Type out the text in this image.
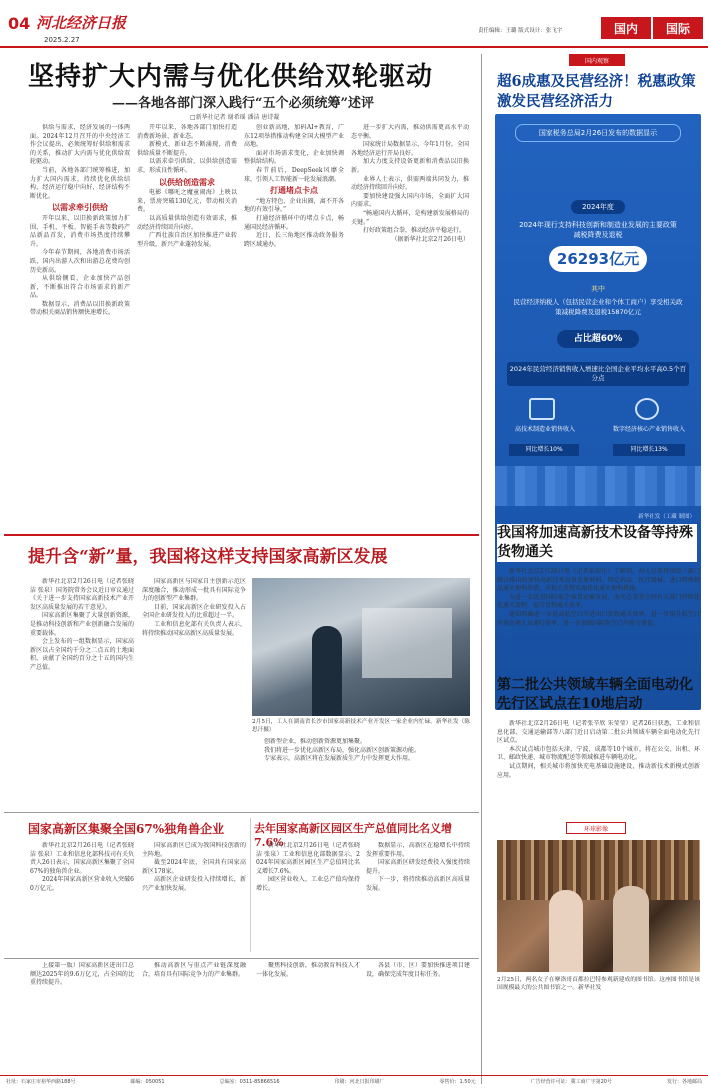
04 河北经济日报
2025.2.27
责任编辑：王璐 版式设计：张飞宇	国内 国际
坚持扩大内需与优化供给双轮驱动
——各地各部门深入践行“五个必须统筹”述评
□新华社记者 谢希瑶 潘洁 唐诗凝

供给与需求，经济发展的一体两面。2024年12月召开的中央经济工作会议提出，必须统筹好供给和需求的关系，推动扩大内需与优化供给双轮驱动。

当前，各地各部门统筹推进，加力扩大国内需求，持续优化供给结构，经济运行稳中向好，经济结构不断优化。

以需求牵引供给

开年以来，以旧换新政策加力扩围，手机、平板、智能手表等数码产品新品首发，消费市场热度持续攀升。

今年春节期间，各地消费市场活跃，国内出游人次和出游总花费均创历史新高。

从供给侧看，企业加快产品创新，不断推出符合市场需求的新产品。

数据显示，消费品以旧换新政策带动相关商品销售额快速增长。

开年以来，各地各部门加快打造消费新场景、新业态。

新模式、新业态不断涌现，消费供给质量不断提升。

以需求牵引供给，以供给创造需求，形成良性循环。

以供给创造需求

电影《哪吒之魔童闹海》上映以来，票房突破130亿元，带动相关消费。

以高质量供给创造有效需求，推动经济持续回升向好。

广西壮族自治区加快推进产业转型升级，新兴产业蓬勃发展。

创业新高地，加码AI+教育，广东12项举措推动构建全国大模型产业高地。

面对市场需求变化，企业加快调整供给结构。

春节前后，DeepSeek风靡全球，引领人工智能新一轮发展浪潮。

打通堵点卡点

“地方特色、企业出圈，离不开各地的有效引导。”

打通经济循环中的堵点卡点，畅通国民经济循环。

近日，长三角地区推动政务服务跨区域通办。

进一步扩大内需，推动供需更高水平动态平衡。

国家统计局数据显示，今年1月份，全国各地经济运行开局良好。

加大力度支持设备更新和消费品以旧换新。

业界人士表示，供需两端共同发力，推动经济持续回升向好。

要加快建设强大国内市场，全面扩大国内需求。

“畅通国内大循环，是构建新发展格局的关键。”

打好政策组合拳，推动经济平稳运行。

（据新华社北京2月26日电）

国内观察
超6成惠及民营经济！税惠政策激发民营经济活力
国家税务总局2月26日发布的数据显示
2024年度
2024年现行支持科技创新和制造业发展的主要政策减税降费及退税
26293亿元
其中
民营经济纳税人（包括民营企业和个体工商户）享受相关政策减税降费及退税15870亿元
占比超60%
2024年民营经济销售收入增速比全国企业平均水平高0.5个百分点
高技术制造业销售收入
同比增长10%
数字经济核心产业销售收入
同比增长13%
新华社发（工藏 制图）
我国将加速高新技术设备等持殊货物通关

新华社北京2月26日电（记者彭韵佳）了解到，海关总署将围绕三部门联合推出的加快高新技术设备及原材料、特定药品、医疗器械、进口特殊物品通关便利举措，对相关货物实施优化通关便利措施。

为进一步促进国际航空客货运输发展，海关总署将会同有关部门持续优化通关流程，提升货物通关效率。

通知明确进一步提高航空口岸进出口货物通关效率，进一步提升航空口岸进出境人员通行效率，进一步加强国际航空口岸能力建设。

第二批公共领域车辆全面电动化先行区试点在10地启动

新华社北京2月26日电（记者张辛欣 朱莹莹）记者26日获悉，工业和信息化部、交通运输部等八部门近日启动第二批公共领域车辆全面电动化先行区试点。

本次试点城市包括天津、宁波、成都等10个城市，将在公交、出租、环卫、邮政快递、城市物流配送等领域推进车辆电动化。

试点期间，相关城市将加快充电基础设施建设，推动新技术新模式创新应用。

环球影像
2月25日，两名女子在摩洛哥首都拉巴特参观新建成的图书馆。这座图书馆是该国规模最大的公共图书馆之一。新华社发
提升含“新”量，我国将这样支持国家高新区发展

新华社北京2月26日电（记者张晓洁 张泉）国务院常务会议近日审议通过《关于进一步支持国家高新技术产业开发区高质量发展的若干意见》。

国家高新区集聚了大量创新资源，是推动科技创新和产业创新融合发展的重要载体。

会上发布的一组数据显示，国家高新区以占全国约千分之二点五的土地面积，贡献了全国约百分之十五的国内生产总值。

国家高新区与国家自主创新示范区深度融合，推动形成一批具有国际竞争力的创新型产业集群。

目前，国家高新区企业研发投入占全国企业研发投入的比重超过一半。

工业和信息化部有关负责人表示，将持续推动国家高新区高质量发展。

2月5日，工人在湖南省长沙市国家高新技术产业开发区一家企业内忙碌。新华社发（陈思汗摄）

创新型企业，推动创新资源更加集聚。

我们将进一步优化高新区布局，强化高新区创新策源功能。

专家表示，高新区将在发展新质生产力中发挥更大作用。

国家高新区集聚全国67%独角兽企业

新华社北京2月26日电（记者张晓洁 张泉）工业和信息化部科技司有关负责人26日表示，国家高新区集聚了全国67%的独角兽企业。

2024年国家高新区营业收入突破60万亿元。

国家高新区已成为我国科技创新的主阵地。

截至2024年底，全国共有国家高新区178家。

高新区企业研发投入持续增长，新兴产业加快发展。

去年国家高新区园区生产总值同比名义增7.6%

新华社北京2月26日电（记者张晓洁 张泉）工业和信息化部数据显示，2024年国家高新区园区生产总值同比名义增长7.6%。

园区营业收入、工业总产值均保持增长。

数据显示，高新区在稳增长中持续发挥重要作用。

国家高新区研发经费投入强度持续提升。

下一步，将持续推动高新区高质量发展。

上接第一版）国家高新区进出口总额达2025年的9.6万亿元，占全国的比重持续提升。

推动高新区与重点产业链深度融合，培育具有国际竞争力的产业集群。

聚焦科技创新，推动教育科技人才一体化发展。

各县（市、区）要加快推进项目建设，确保完成年度目标任务。

社址：石家庄市裕华西路188号	邮编：050051	总编室：0311-85866516	印刷：河北日报印刷厂	零售价：1.50元	广告经营许可证：冀工商广字第20号	发行：各地邮局
